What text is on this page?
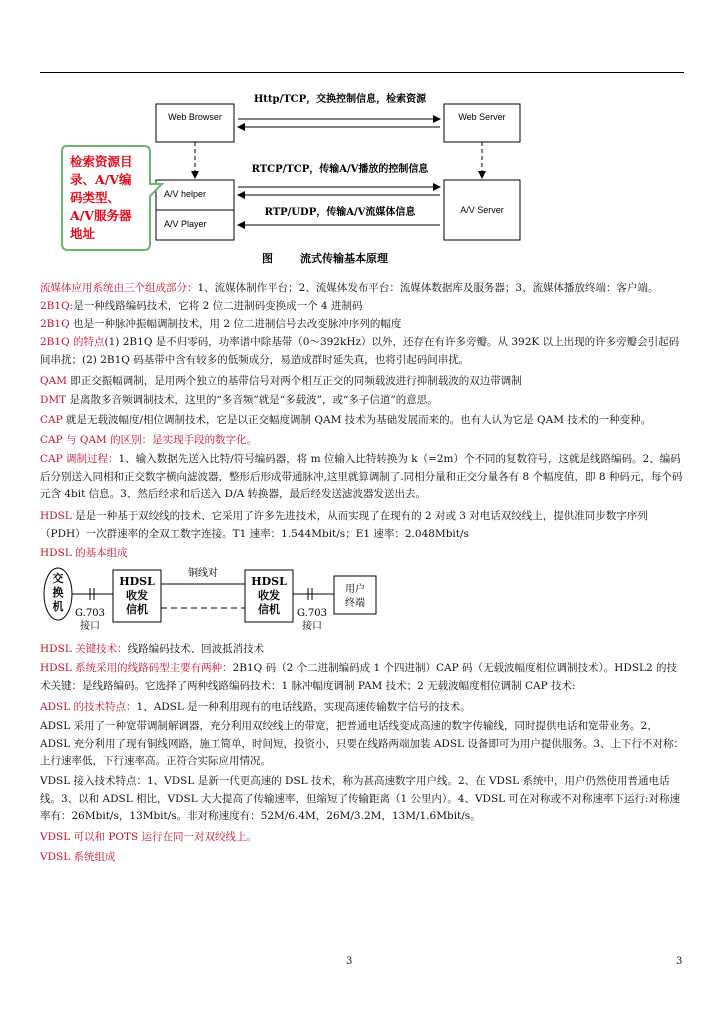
Web Browser	Web Server
Http/TCP，交换控制信息，检索资源
A/V helper
A/V Player
A/V Server
RTCP/TCP，传输A/V播放的控制信息
RTP/UDP，传输A/V流媒体信息
检索资源目
录、A/V编
码类型、
A/V服务器
地址
图 流式传输基本原理

流媒体应用系统由三个组成部分：1、流媒体制作平台；2、流媒体发布平台：流媒体数据库及服务器；3、流媒体播放终端：客户端。

2B1Q:是一种线路编码技术，它将 2 位二进制码变换成一个 4 进制码

2B1Q 也是一种脉冲振幅调制技术，用 2 位二进制信号去改变脉冲序列的幅度

2B1Q 的特点(1) 2B1Q 是不归零码，功率谱中除基带（0～392kHz）以外，还存在有许多旁瓣。从 392K 以上出现的许多旁瓣会引起码间串扰；(2) 2B1Q 码基带中含有较多的低频成分，易造成群时延失真，也将引起码间串扰。

QAM 即正交振幅调制，是用两个独立的基带信号对两个相互正交的同频载波进行抑制载波的双边带调制

DMT 是离散多音频调制技术，这里的“多音频”就是“多载波”，或“多子信道”的意思。

CAP 就是无载波幅度/相位调制技术，它是以正交幅度调制 QAM 技术为基础发展而来的。也有人认为它是 QAM 技术的一种变种。

CAP 与 QAM 的区别：是实现手段的数字化。

CAP 调制过程：1、输入数据先送入比特/符号编码器，将 m 位输入比特转换为 k（=2m）个不同的复数符号，这就是线路编码。2、编码后分别送入同相和正交数字横向滤波器，整形后形成带通脉冲,这里就算调制了.同相分量和正交分量各有 8 个幅度值，即 8 种码元，每个码元含 4bit 信息。3、然后经求和后送入 D/A 转换器，最后经发送滤波器发送出去。

HDSL 是是一种基于双绞线的技术、它采用了许多先进技术，从而实现了在现有的 2 对或 3 对电话双绞线上，提供准同步数字序列（PDH）一次群速率的全双工数字连接。T1 速率：1.544Mbit/s；E1 速率：2.048Mbit/s

HDSL 的基本组成

交
换
机
G.703
接口
HDSL
收发
信机
铜线对
HDSL
收发
信机 G.703
接口
用户
终端

HDSL 关键技术：线路编码技术、回波抵消技术

HDSL 系统采用的线路码型主要有两种：2B1Q 码（2 个二进制编码成 1 个四进制）CAP 码（无载波幅度相位调制技术）。HDSL2 的技术关键：是线路编码。它选择了两种线路编码技术：1 脉冲幅度调制 PAM 技术；2 无载波幅度相位调制 CAP 技术:

ADSL 的技术特点：1、ADSL 是一种利用现有的电话线路，实现高速传输数字信号的技术。

ADSL 采用了一种宽带调制解调器，充分利用双绞线上的带宽，把普通电话线变成高速的数字传输线，同时提供电话和宽带业务。2、ADSL 充分利用了现有铜线网路，施工简单，时间短，投资小，只要在线路两端加装 ADSL 设备即可为用户提供服务。3、上下行不对称：上行速率低，下行速率高。正符合实际应用情况。

VDSL 接入技术特点：1、VDSL 是新一代更高速的 DSL 技术，称为甚高速数字用户线。2、在 VDSL 系统中，用户仍然使用普通电话线。3、以和 ADSL 相比，VDSL 大大提高了传输速率，但缩短了传输距离（1 公里内）。4、VDSL 可在对称或不对称速率下运行:对称速率有：26Mbit/s，13Mbit/s。非对称速度有：52M/6.4M，26M/3.2M，13M/1.6Mbit/s。

VDSL 可以和 POTS 运行在同一对双绞线上。

VDSL 系统组成

3	3
